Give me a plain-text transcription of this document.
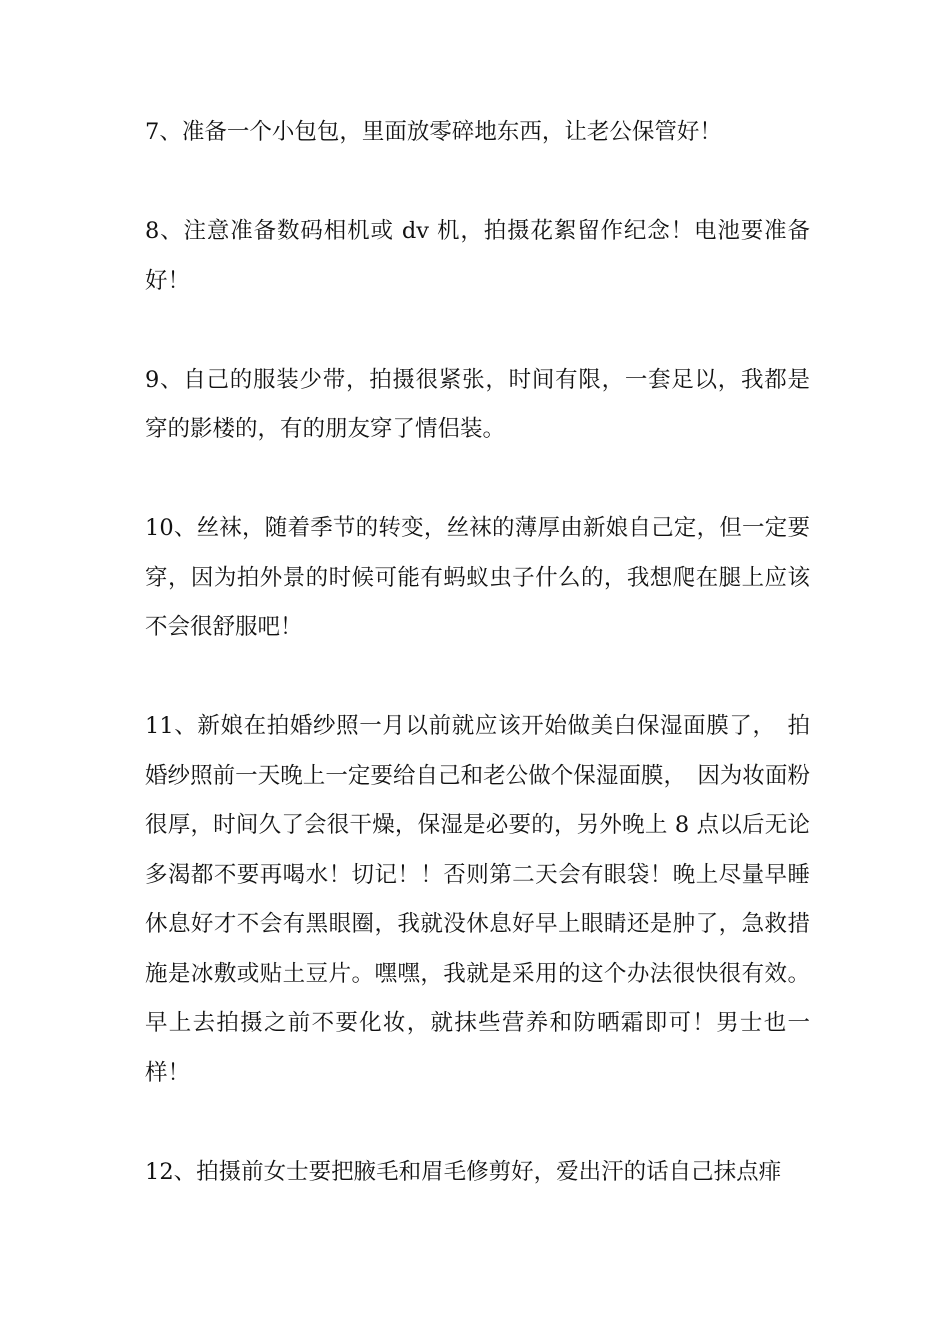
7、准备一个小包包，里面放零碎地东西，让老公保管好！

8、注意准备数码相机或 dv 机，拍摄花絮留作纪念！电池要准备好！

9、自己的服装少带，拍摄很紧张，时间有限，一套足以，我都是穿的影楼的，有的朋友穿了情侣装。

10、丝袜，随着季节的转变，丝袜的薄厚由新娘自己定，但一定要穿，因为拍外景的时候可能有蚂蚁虫子什么的，我想爬在腿上应该不会很舒服吧！

11、新娘在拍婚纱照一月以前就应该开始做美白保湿面膜了，　拍婚纱照前一天晚上一定要给自己和老公做个保湿面膜，　因为妆面粉很厚，时间久了会很干燥，保湿是必要的，另外晚上 8 点以后无论多渴都不要再喝水！切记！！否则第二天会有眼袋！晚上尽量早睡休息好才不会有黑眼圈，我就没休息好早上眼睛还是肿了，急救措施是冰敷或贴土豆片。嘿嘿，我就是采用的这个办法很快很有效。早上去拍摄之前不要化妆，就抹些营养和防晒霜即可！男士也一样！

12、拍摄前女士要把腋毛和眉毛修剪好，爱出汗的话自己抹点痱
